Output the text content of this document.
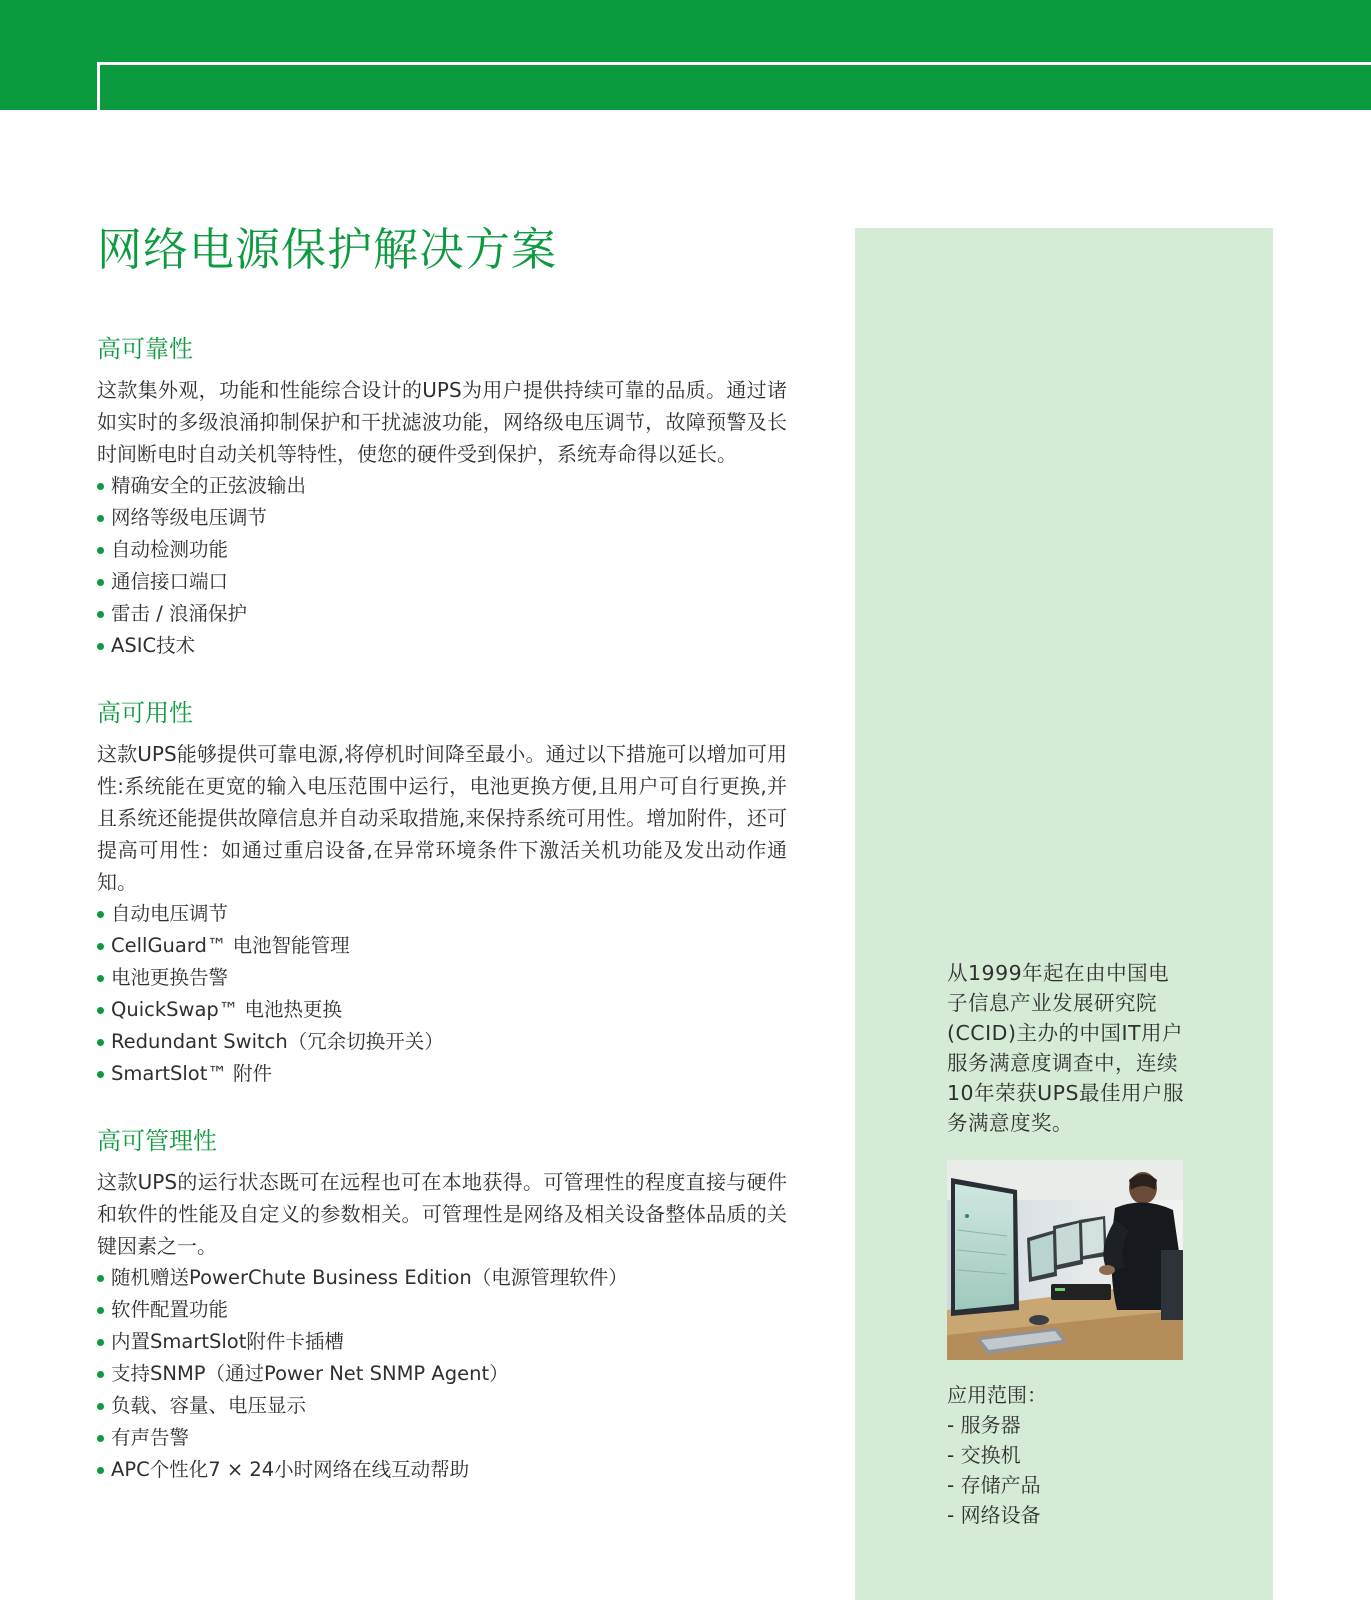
网络电源保护解决方案
高可靠性

这款集外观，功能和性能综合设计的UPS为用户提供持续可靠的品质。通过诸如实时的多级浪涌抑制保护和干扰滤波功能，网络级电压调节，故障预警及长时间断电时自动关机等特性，使您的硬件受到保护，系统寿命得以延长。

精确安全的正弦波输出
网络等级电压调节
自动检测功能
通信接口端口
雷击 / 浪涌保护
ASIC技术
高可用性

这款UPS能够提供可靠电源,将停机时间降至最小。通过以下措施可以增加可用性:系统能在更宽的输入电压范围中运行，电池更换方便,且用户可自行更换,并且系统还能提供故障信息并自动采取措施,来保持系统可用性。增加附件，还可提高可用性：如通过重启设备,在异常环境条件下激活关机功能及发出动作通知。

自动电压调节
CellGuard™ 电池智能管理
电池更换告警
QuickSwap™ 电池热更换
Redundant Switch（冗余切换开关）
SmartSlot™ 附件
高可管理性

这款UPS的运行状态既可在远程也可在本地获得。可管理性的程度直接与硬件和软件的性能及自定义的参数相关。可管理性是网络及相关设备整体品质的关键因素之一。

随机赠送PowerChute Business Edition（电源管理软件）
软件配置功能
内置SmartSlot附件卡插槽
支持SNMP（通过Power Net SNMP Agent）
负载、容量、电压显示
有声告警
APC个性化7 × 24小时网络在线互动帮助

从1999年起在由中国电子信息产业发展研究院(CCID)主办的中国IT用户服务满意度调查中，连续10年荣获UPS最佳用户服务满意度奖。

应用范围：

- 服务器
- 交换机
- 存储产品
- 网络设备
